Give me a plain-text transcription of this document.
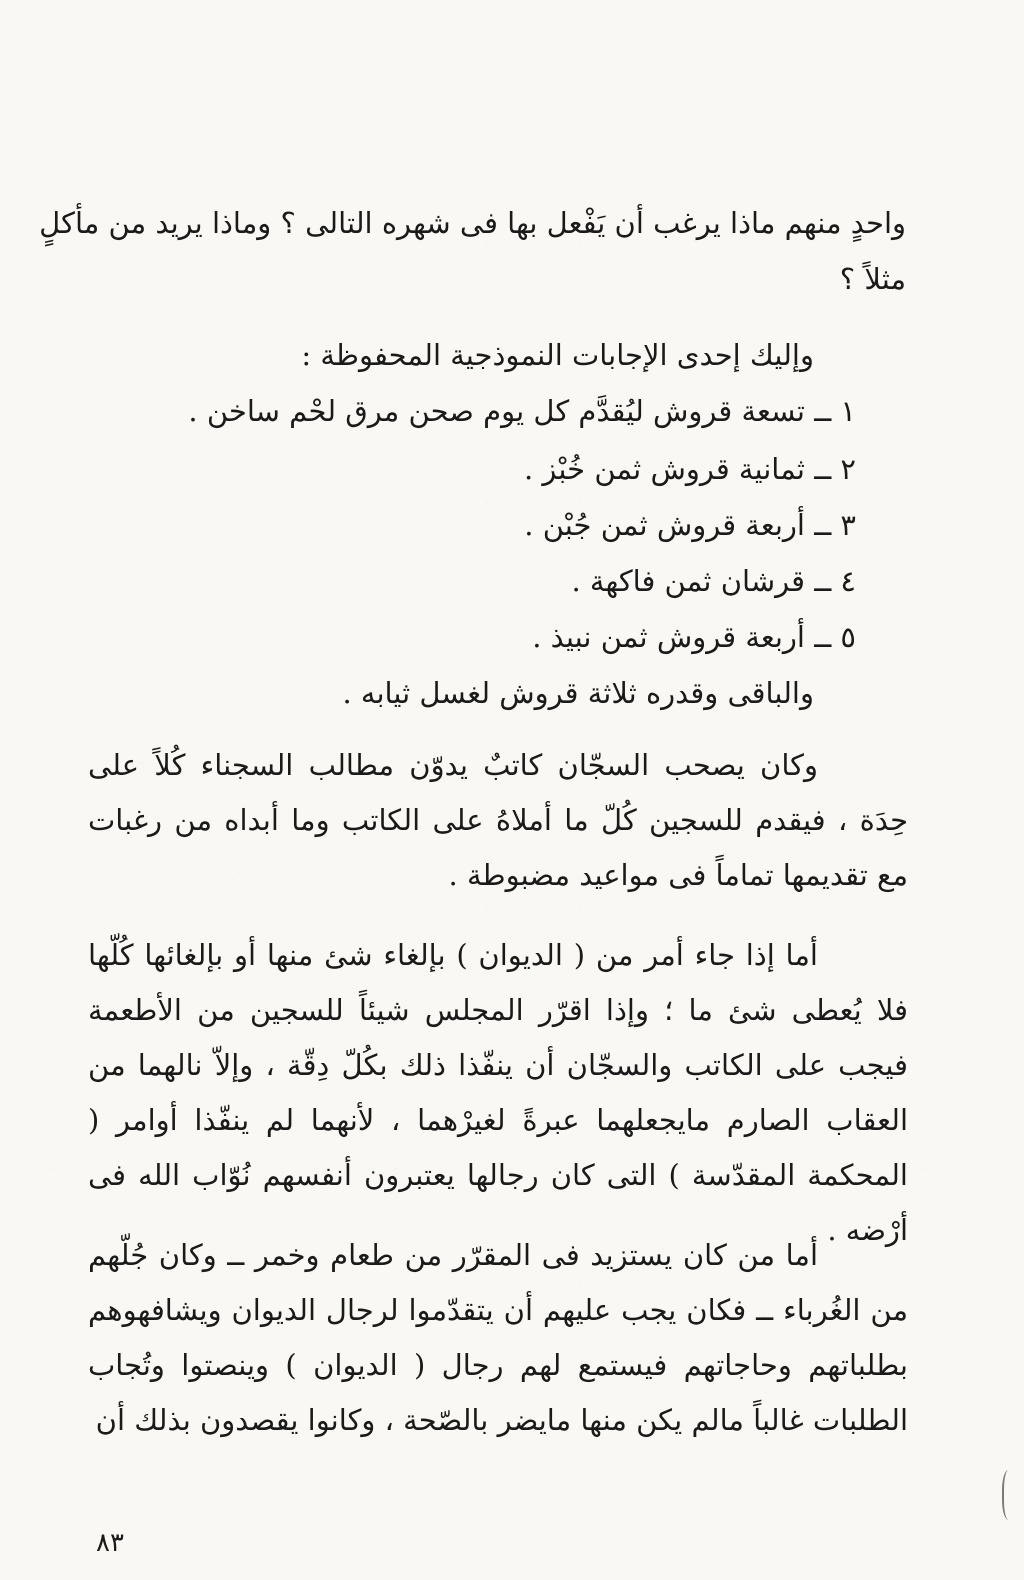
واحدٍ منهم ماذا يرغب أن يَفْعل بها فى شهره التالى ؟ وماذا يريد من مأكلٍ
مثلاً ؟
وإليك إحدى الإجابات النموذجية المحفوظة :
١ ــ تسعة قروش ليُقدَّم كل يوم صحن مرق لحْم ساخن .
٢ ــ ثمانية قروش ثمن خُبْز .
٣ ــ أربعة قروش ثمن جُبْن .
٤ ــ قرشان ثمن فاكهة .
٥ ــ أربعة قروش ثمن نبيذ .
والباقى وقدره ثلاثة قروش لغسل ثيابه .
وكان يصحب السجّان كاتبٌ يدوّن مطالب السجناء كُلاً على حِدَة ، فيقدم للسجين كُلّ ما أملاهُ على الكاتب وما أبداه من رغبات مع تقديمها تماماً فى مواعيد مضبوطة .
أما إذا جاء أمر من ( الديوان ) بإلغاء شئ منها أو بإلغائها كُلّها فلا يُعطى شئ ما ؛ وإذا اقرّر المجلس شيئاً للسجين من الأطعمة فيجب على الكاتب والسجّان أن ينفّذا ذلك بكُلّ دِقّة ، وإلاّ نالهما من العقاب الصارم مايجعلهما عبرةً لغيرْهما ، لأنهما لم ينفّذا أوامر ( المحكمة المقدّسة ) التى كان رجالها يعتبرون أنفسهم نُوّاب الله فى أرْضه .
أما من كان يستزيد فى المقرّر من طعام وخمر ــ وكان جُلّهم من الغُرباء ــ فكان يجب عليهم أن يتقدّموا لرجال الديوان ويشافهوهم بطلباتهم وحاجاتهم فيستمع لهم رجال ( الديوان ) وينصتوا وتُجاب الطلبات غالباً مالم يكن منها مايضر بالصّحة ، وكانوا يقصدون بذلك أن
٨٣
